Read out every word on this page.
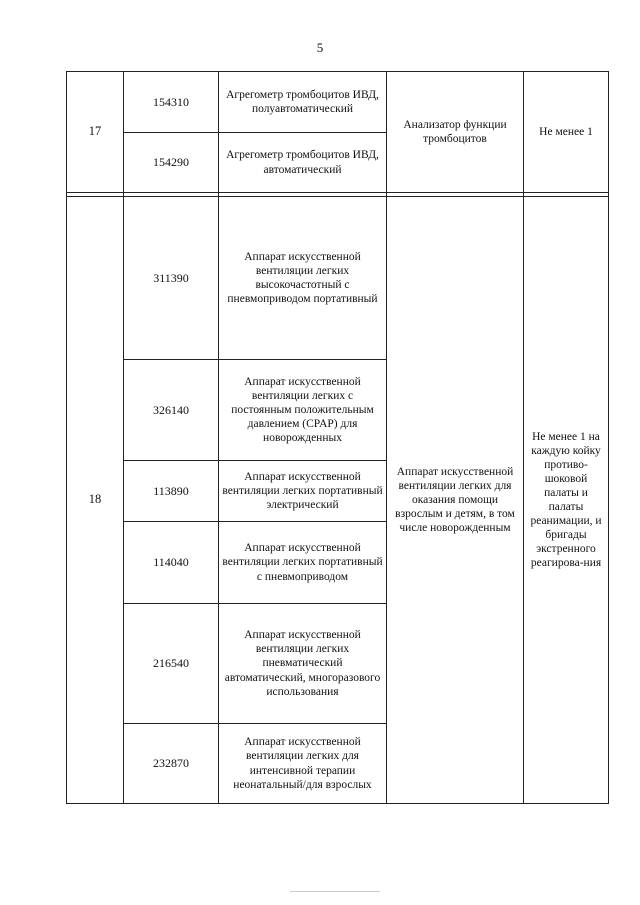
5
17	154310	Агрегометр тромбоцитов ИВД, полуавтоматический	Анализатор функции тромбоцитов	Не менее 1
	154290	Агрегометр тромбоцитов ИВД, автоматический		

18	311390	Аппарат искусственной вентиляции легких высокочастотный с пневмоприводом портативный	Аппарат искусственной вентиляции легких для оказания помощи взрослым и детям, в том числе новорожденным	Не менее 1 на каждую койку противо-шоковой палаты и палаты реанимации, и бригады экстренного реагирова-ния
	326140	Аппарат искусственной вентиляции легких с постоянным положительным давлением (CPAP) для новорожденных		
	113890	Аппарат искусственной вентиляции легких портативный электрический		
	114040	Аппарат искусственной вентиляции легких портативный с пневмоприводом		
	216540	Аппарат искусственной вентиляции легких пневматический автоматический, многоразового использования		
	232870	Аппарат искусственной вентиляции легких для интенсивной терапии неонатальный/для взрослых		
